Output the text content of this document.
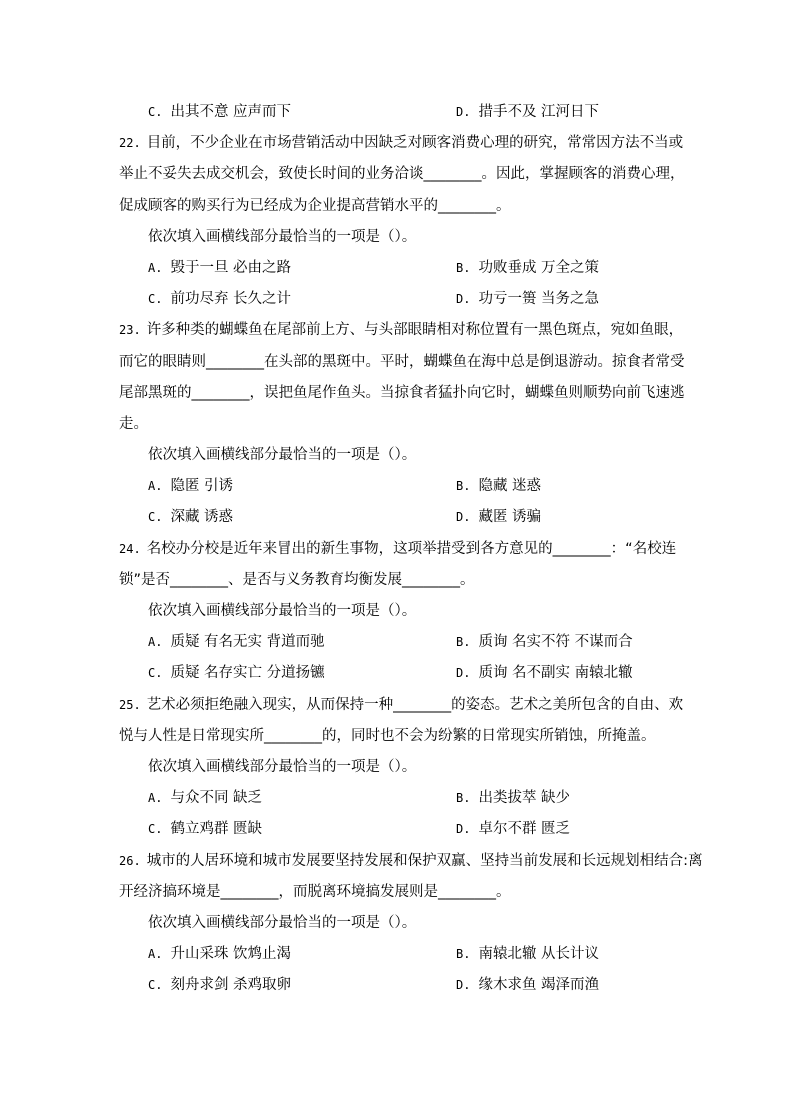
C. 出其不意 应声而下	D. 措手不及 江河日下
22. 目前，不少企业在市场营销活动中因缺乏对顾客消费心理的研究，常常因方法不当或
举止不妥失去成交机会，致使长时间的业务洽谈________。因此，掌握顾客的消费心理，
促成顾客的购买行为已经成为企业提高营销水平的________。
依次填入画横线部分最恰当的一项是（）。
A. 毁于一旦 必由之路	B. 功败垂成 万全之策
C. 前功尽弃 长久之计	D. 功亏一篑 当务之急
23. 许多种类的蝴蝶鱼在尾部前上方、与头部眼睛相对称位置有一黑色斑点，宛如鱼眼，
而它的眼睛则________在头部的黑斑中。平时，蝴蝶鱼在海中总是倒退游动。掠食者常受
尾部黑斑的________，误把鱼尾作鱼头。当掠食者猛扑向它时，蝴蝶鱼则顺势向前飞速逃
走。
依次填入画横线部分最恰当的一项是（）。
A. 隐匿 引诱	B. 隐藏 迷惑
C. 深藏 诱惑	D. 藏匿 诱骗
24. 名校办分校是近年来冒出的新生事物，这项举措受到各方意见的________：“名校连
锁”是否________、是否与义务教育均衡发展________。
依次填入画横线部分最恰当的一项是（）。
A. 质疑 有名无实 背道而驰	B. 质询 名实不符 不谋而合
C. 质疑 名存实亡 分道扬镳	D. 质询 名不副实 南辕北辙
25. 艺术必须拒绝融入现实，从而保持一种________的姿态。艺术之美所包含的自由、欢
悦与人性是日常现实所________的，同时也不会为纷繁的日常现实所销蚀，所掩盖。
依次填入画横线部分最恰当的一项是（）。
A. 与众不同 缺乏	B. 出类拔萃 缺少
C. 鹤立鸡群 匮缺	D. 卓尔不群 匮乏
26. 城市的人居环境和城市发展要坚持发展和保护双赢、坚持当前发展和长远规划相结合:离
开经济搞环境是________，而脱离环境搞发展则是________。
依次填入画横线部分最恰当的一项是（）。
A. 升山采珠 饮鸩止渴	B. 南辕北辙 从长计议
C. 刻舟求剑 杀鸡取卵	D. 缘木求鱼 竭泽而渔
